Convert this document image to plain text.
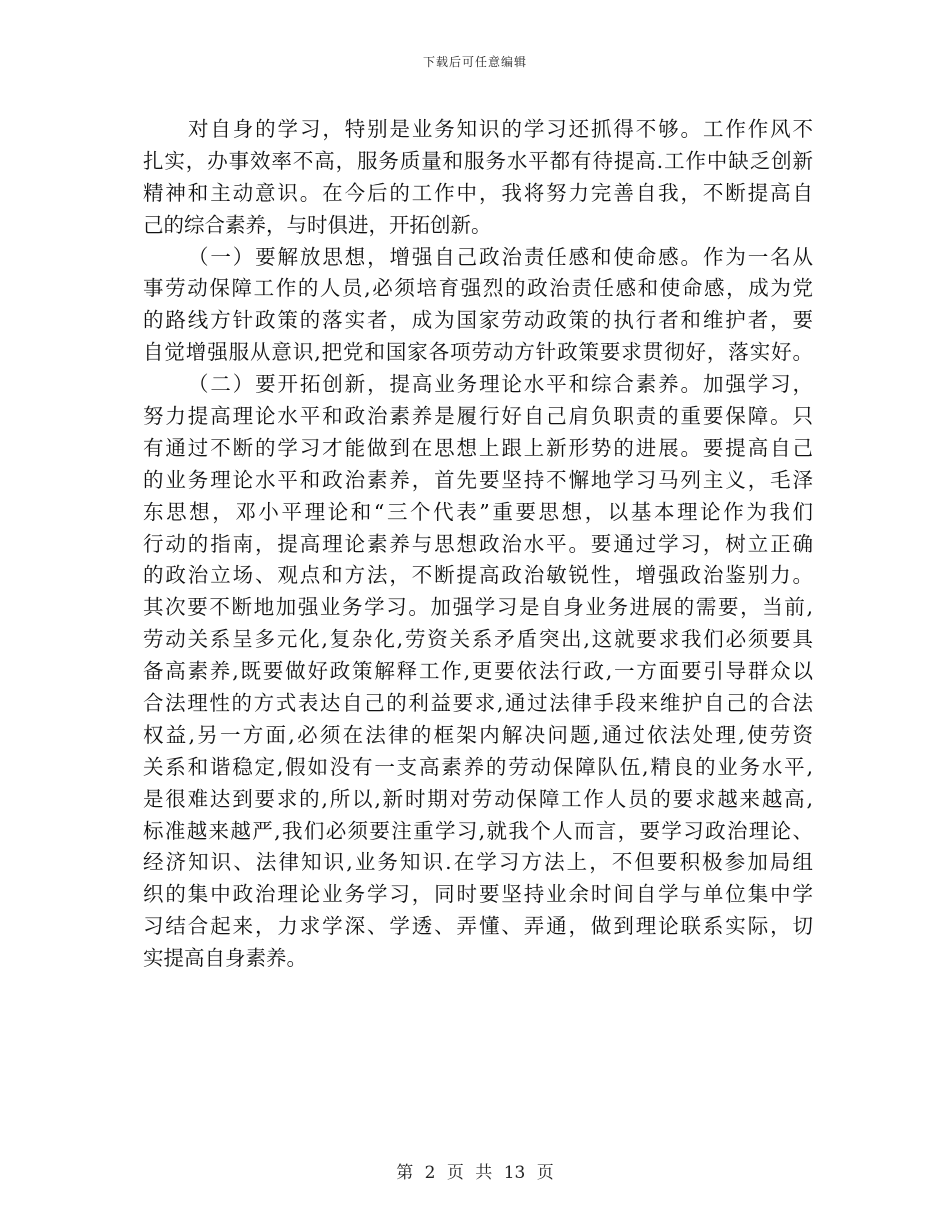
下载后可任意编辑
对自身的学习，特别是业务知识的学习还抓得不够。工作作风不
扎实，办事效率不高，服务质量和服务水平都有待提高.工作中缺乏创新
精神和主动意识。在今后的工作中，我将努力完善自我，不断提高自
己的综合素养，与时俱进，开拓创新。
（一）要解放思想，增强自己政治责任感和使命感。作为一名从
事劳动保障工作的人员,必须培育强烈的政治责任感和使命感，成为党
的路线方针政策的落实者，成为国家劳动政策的执行者和维护者，要
自觉增强服从意识,把党和国家各项劳动方针政策要求贯彻好，落实好。
（二）要开拓创新，提高业务理论水平和综合素养。加强学习，
努力提高理论水平和政治素养是履行好自己肩负职责的重要保障。只
有通过不断的学习才能做到在思想上跟上新形势的进展。要提高自己
的业务理论水平和政治素养，首先要坚持不懈地学习马列主义，毛泽
东思想，邓小平理论和“三个代表”重要思想，以基本理论作为我们
行动的指南，提高理论素养与思想政治水平。要通过学习，树立正确
的政治立场、观点和方法，不断提高政治敏锐性，增强政治鉴别力。
其次要不断地加强业务学习。加强学习是自身业务进展的需要，当前,
劳动关系呈多元化,复杂化,劳资关系矛盾突出,这就要求我们必须要具
备高素养,既要做好政策解释工作,更要依法行政,一方面要引导群众以
合法理性的方式表达自己的利益要求,通过法律手段来维护自己的合法
权益,另一方面,必须在法律的框架内解决问题,通过依法处理,使劳资
关系和谐稳定,假如没有一支高素养的劳动保障队伍,精良的业务水平,
是很难达到要求的,所以,新时期对劳动保障工作人员的要求越来越高,
标准越来越严,我们必须要注重学习,就我个人而言，要学习政治理论、
经济知识、法律知识,业务知识.在学习方法上，不但要积极参加局组
织的集中政治理论业务学习，同时要坚持业余时间自学与单位集中学
习结合起来，力求学深、学透、弄懂、弄通，做到理论联系实际，切
实提高自身素养。
第 2 页 共 13 页
